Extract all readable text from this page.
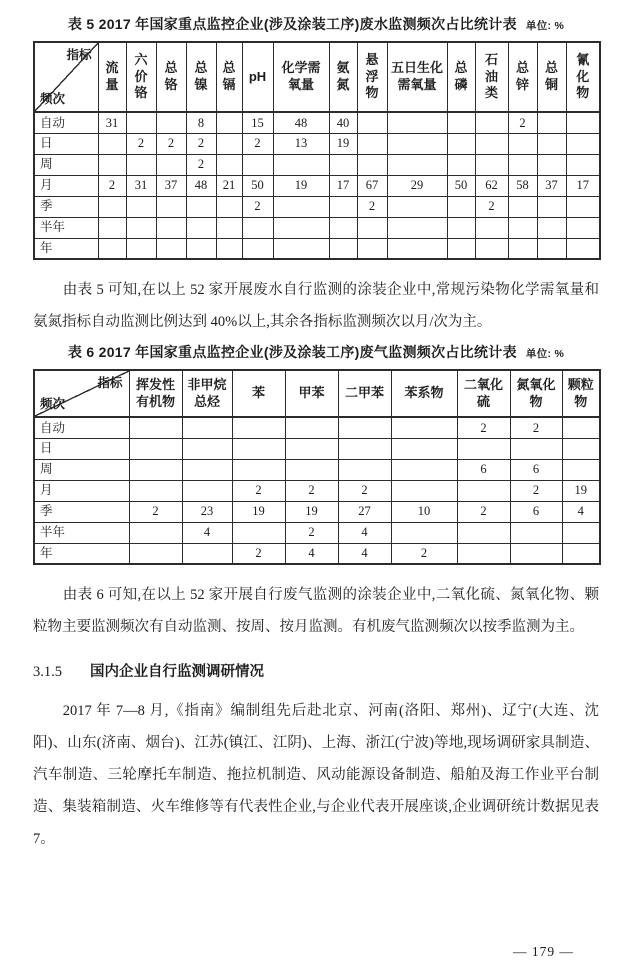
表 5 2017 年国家重点监控企业(涉及涂装工序)废水监测频次占比统计表 单位: %
指标
频次	流量	六价铬	总铬	总镍	总镉	pH	化学需氧量	氨氮	悬浮物	五日生化需氧量	总磷	石油类	总锌	总铜	氰化物
自动	31			8		15	48	40					2		
日		2	2	2		2	13	19							
周				2											
月	2	31	37	48	21	50	19	17	67	29	50	62	58	37	17
季						2			2			2			
半年															
年															

由表 5 可知,在以上 52 家开展废水自行监测的涂装企业中,常规污染物化学需氧量和氨氮指标自动监测比例达到 40%以上,其余各指标监测频次以月/次为主。

表 6 2017 年国家重点监控企业(涉及涂装工序)废气监测频次占比统计表 单位: %
指标
频次	挥发性有机物	非甲烷总烃	苯	甲苯	二甲苯	苯系物	二氧化硫	氮氧化物	颗粒物
自动							2	2	
日									
周							6	6	
月			2	2	2			2	19
季	2	23	19	19	27	10	2	6	4
半年		4		2	4				
年			2	4	4	2			

由表 6 可知,在以上 52 家开展自行废气监测的涂装企业中,二氧化硫、氮氧化物、颗粒物主要监测频次有自动监测、按周、按月监测。有机废气监测频次以按季监测为主。

3.1.5 国内企业自行监测调研情况

2017 年 7—8 月,《指南》编制组先后赴北京、河南(洛阳、郑州)、辽宁(大连、沈阳)、山东(济南、烟台)、江苏(镇江、江阴)、上海、浙江(宁波)等地,现场调研家具制造、汽车制造、三轮摩托车制造、拖拉机制造、风动能源设备制造、船舶及海工作业平台制造、集装箱制造、火车维修等有代表性企业,与企业代表开展座谈,企业调研统计数据见表 7。

— 179 —
